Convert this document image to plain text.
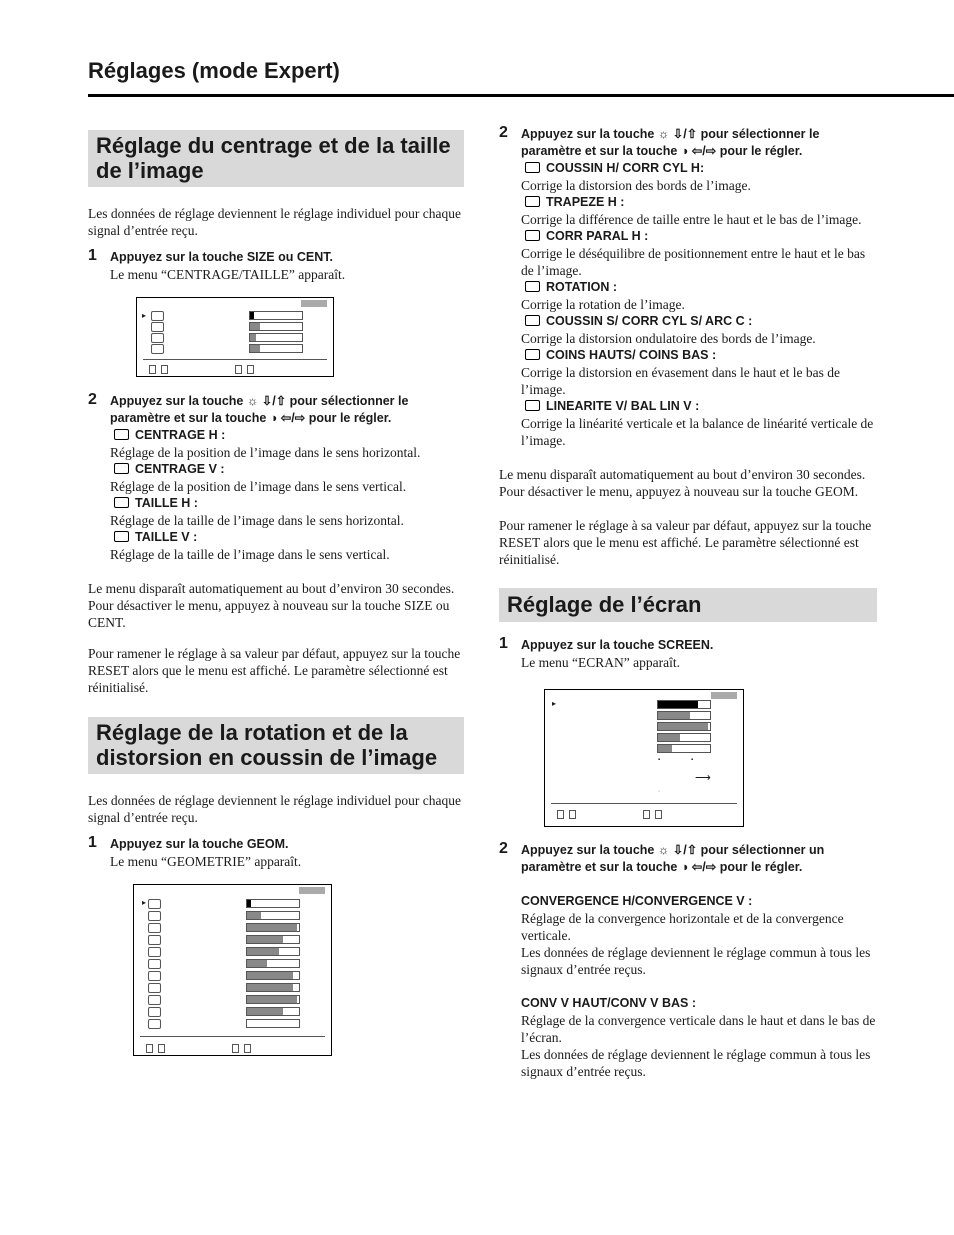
Réglages (mode Expert)
Réglage du centrage et de la taille de l’image

Les données de réglage deviennent le réglage individuel pour chaque signal d’entrée reçu.

1 Appuyez sur la touche SIZE ou CENT.

Le menu “CENTRAGE/TAILLE” apparaît.

▸
2 Appuyez sur la touche ☼ ⇩/⇧ pour sélectionner le paramètre et sur la touche ◑ ⇦/⇨ pour le régler.
CENTRAGE H :

Réglage de la position de l’image dans le sens horizontal.

CENTRAGE V :

Réglage de la position de l’image dans le sens vertical.

TAILLE H :

Réglage de la taille de l’image dans le sens horizontal.

TAILLE V :

Réglage de la taille de l’image dans le sens vertical.

Le menu disparaît automatiquement au bout d’environ 30 secondes. Pour désactiver le menu, appuyez à nouveau sur la touche SIZE ou CENT.

Pour ramener le réglage à sa valeur par défaut, appuyez sur la touche RESET alors que le menu est affiché. Le paramètre sélectionné est réinitialisé.

Réglage de la rotation et de la distorsion en coussin de l’image

Les données de réglage deviennent le réglage individuel pour chaque signal d’entrée reçu.

1 Appuyez sur la touche GEOM.

Le menu “GEOMETRIE” apparaît.

▸
2 Appuyez sur la touche ☼ ⇩/⇧ pour sélectionner le paramètre et sur la touche ◑ ⇦/⇨ pour le régler.
COUSSIN H/ CORR CYL H:

Corrige la distorsion des bords de l’image.

TRAPEZE H :

Corrige la différence de taille entre le haut et le bas de l’image.

CORR PARAL H :

Corrige le déséquilibre de positionnement entre le haut et le bas de l’image.

ROTATION :

Corrige la rotation de l’image.

COUSSIN S/ CORR CYL S/ ARC C :

Corrige la distorsion ondulatoire des bords de l’image.

COINS HAUTS/ COINS BAS :

Corrige la distorsion en évasement dans le haut et le bas de l’image.

LINEARITE V/ BAL LIN V :

Corrige la linéarité verticale et la balance de linéarité verticale de l’image.

Le menu disparaît automatiquement au bout d’environ 30 secondes. Pour désactiver le menu, appuyez à nouveau sur la touche GEOM.

Pour ramener le réglage à sa valeur par défaut, appuyez sur la touche RESET alors que le menu est affiché. Le paramètre sélectionné est réinitialisé.

Réglage de l’écran
1 Appuyez sur la touche SCREEN.

Le menu “ECRAN” apparaît.

▸
▪	▪
⟶
·
2 Appuyez sur la touche ☼ ⇩/⇧ pour sélectionner un paramètre et sur la touche ◑ ⇦/⇨ pour le régler.
CONVERGENCE H/CONVERGENCE V :

Réglage de la convergence horizontale et de la convergence verticale.

Les données de réglage deviennent le réglage commun à tous les signaux d’entrée reçus.

CONV V HAUT/CONV V BAS :

Réglage de la convergence verticale dans le haut et dans le bas de l’écran.

Les données de réglage deviennent le réglage commun à tous les signaux d’entrée reçus.
